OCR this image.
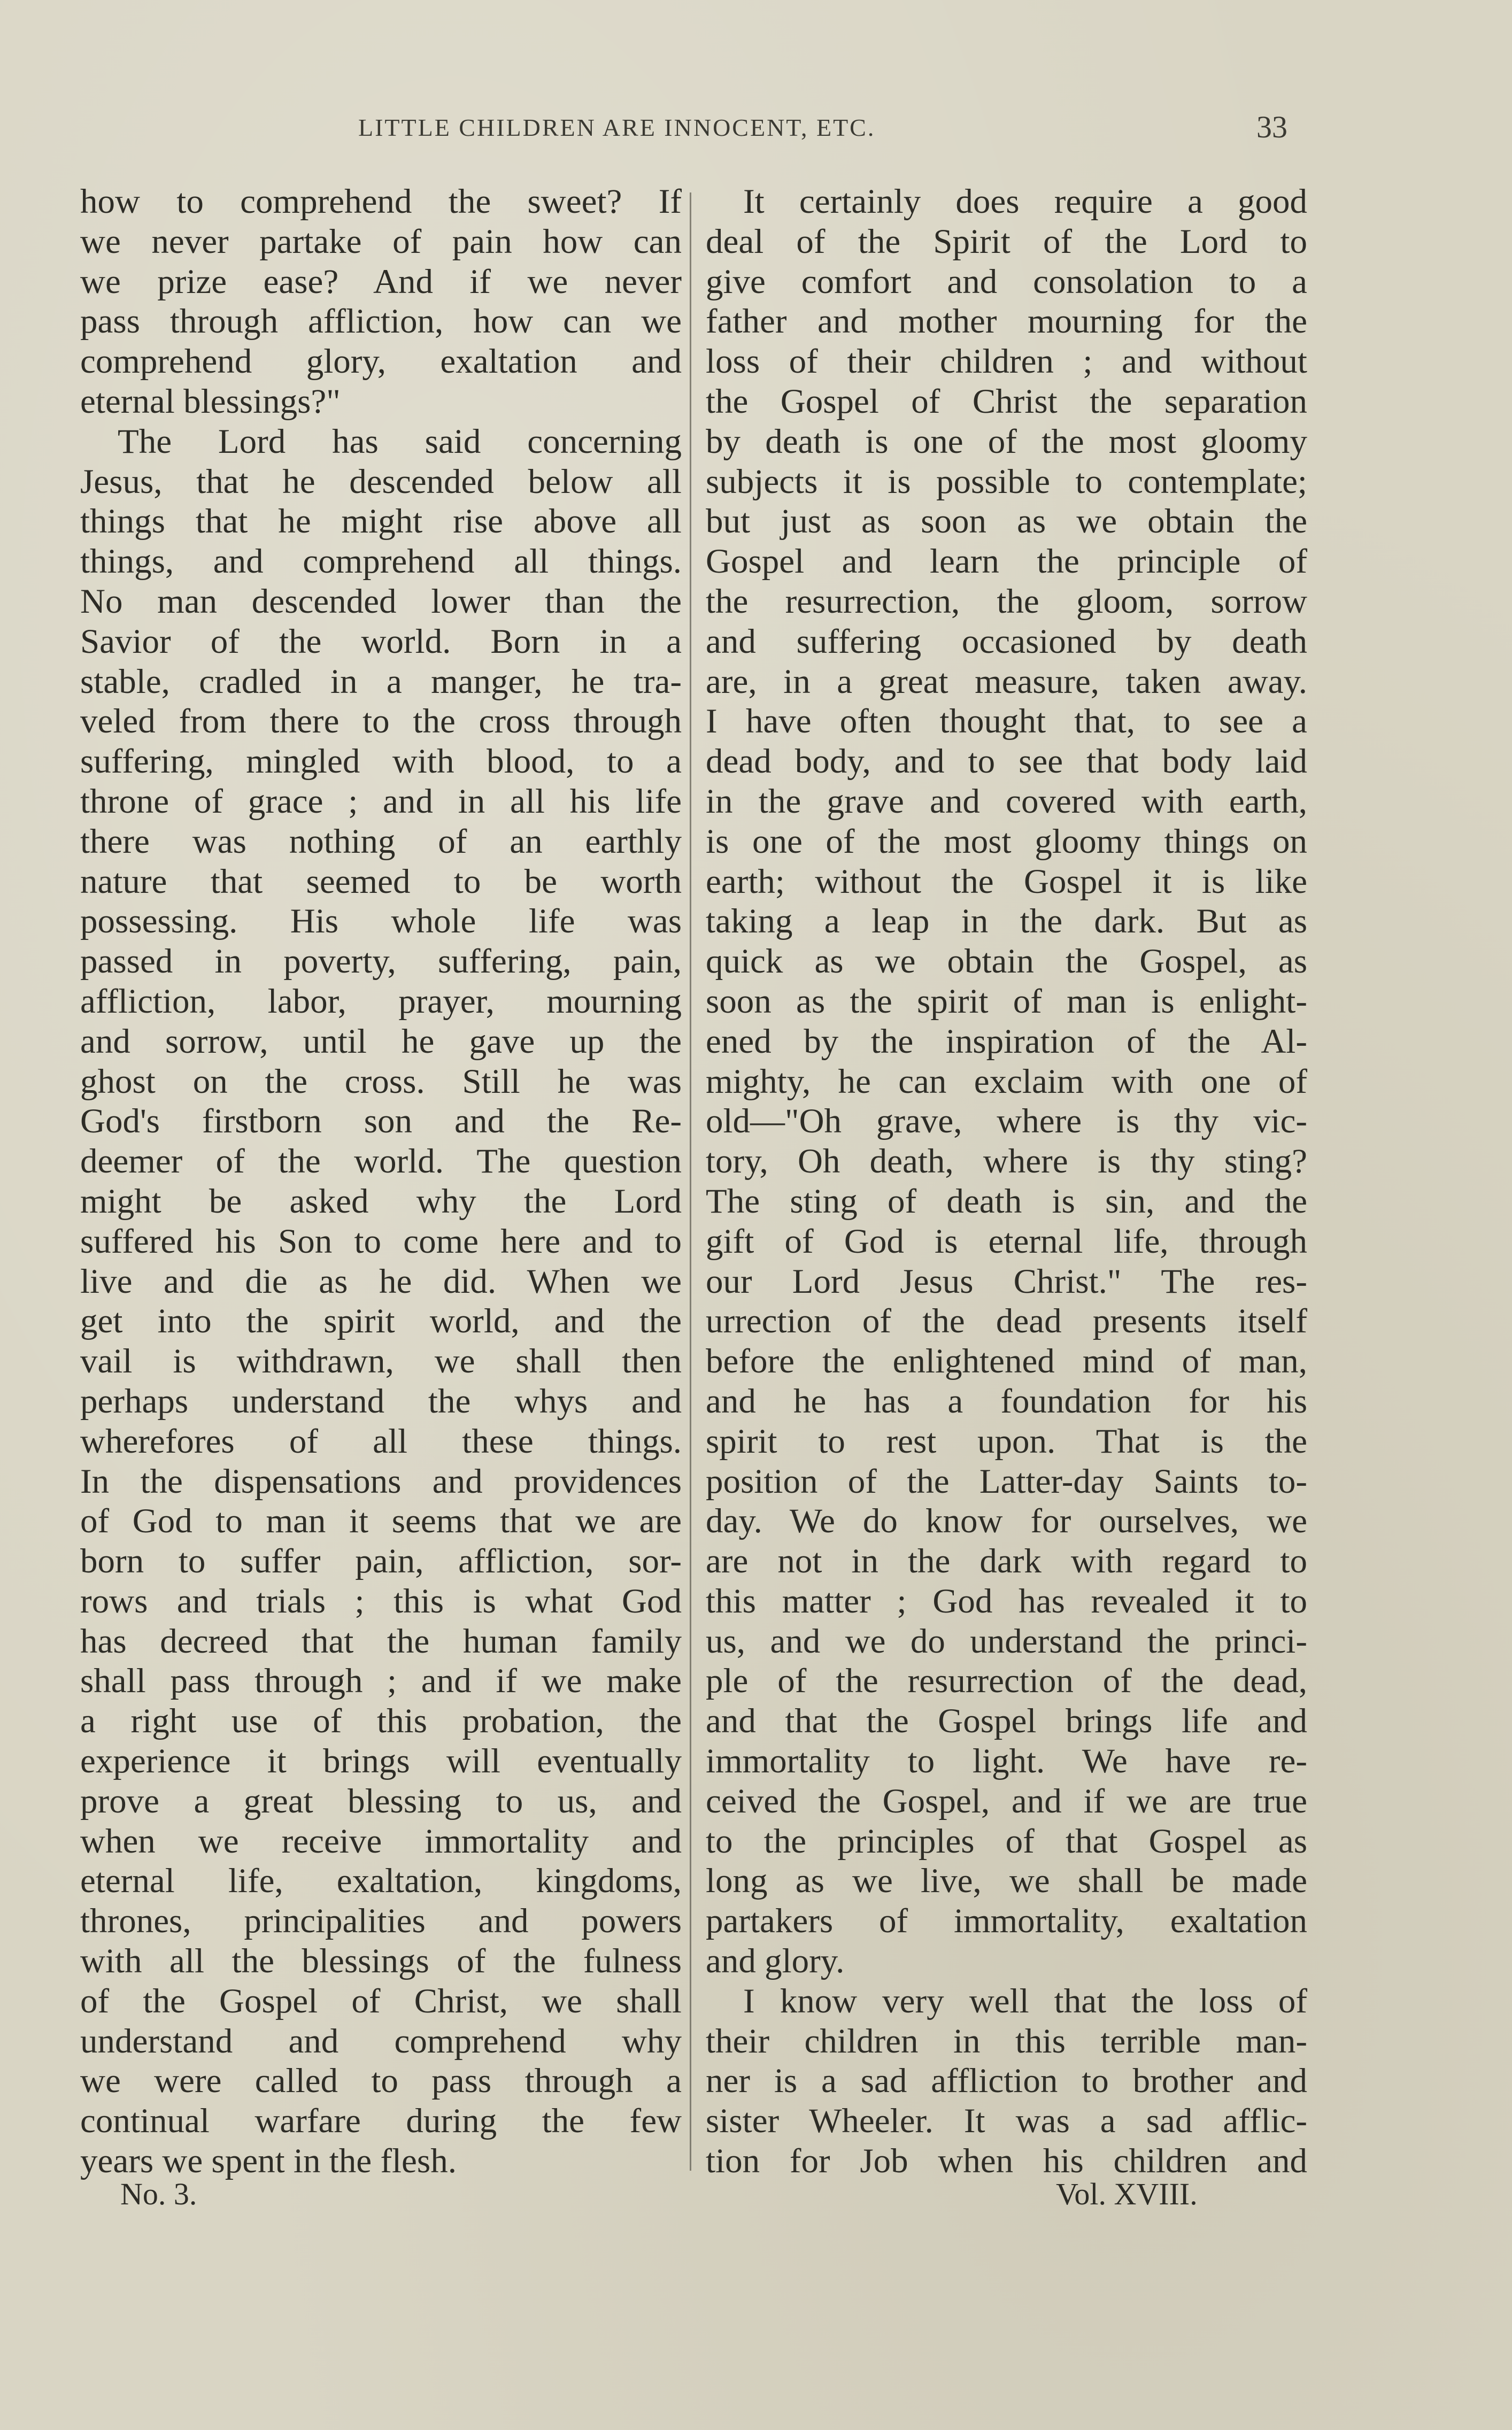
LITTLE CHILDREN ARE INNOCENT, ETC.	33
how to comprehend the sweet? If
we never partake of pain how can
we prize ease? And if we never
pass through affliction, how can we
comprehend glory, exaltation and
eternal blessings?"
The Lord has said concerning
Jesus, that he descended below all
things that he might rise above all
things, and comprehend all things.
No man descended lower than the
Savior of the world. Born in a
stable, cradled in a manger, he tra-
veled from there to the cross through
suffering, mingled with blood, to a
throne of grace ; and in all his life
there was nothing of an earthly
nature that seemed to be worth
possessing. His whole life was
passed in poverty, suffering, pain,
affliction, labor, prayer, mourning
and sorrow, until he gave up the
ghost on the cross. Still he was
God's firstborn son and the Re-
deemer of the world. The question
might be asked why the Lord
suffered his Son to come here and to
live and die as he did. When we
get into the spirit world, and the
vail is withdrawn, we shall then
perhaps understand the whys and
wherefores of all these things.
In the dispensations and providences
of God to man it seems that we are
born to suffer pain, affliction, sor-
rows and trials ; this is what God
has decreed that the human family
shall pass through ; and if we make
a right use of this probation, the
experience it brings will eventually
prove a great blessing to us, and
when we receive immortality and
eternal life, exaltation, kingdoms,
thrones, principalities and powers
with all the blessings of the fulness
of the Gospel of Christ, we shall
understand and comprehend why
we were called to pass through a
continual warfare during the few
years we spent in the flesh.
It certainly does require a good
deal of the Spirit of the Lord to
give comfort and consolation to a
father and mother mourning for the
loss of their children ; and without
the Gospel of Christ the separation
by death is one of the most gloomy
subjects it is possible to contemplate;
but just as soon as we obtain the
Gospel and learn the principle of
the resurrection, the gloom, sorrow
and suffering occasioned by death
are, in a great measure, taken away.
I have often thought that, to see a
dead body, and to see that body laid
in the grave and covered with earth,
is one of the most gloomy things on
earth; without the Gospel it is like
taking a leap in the dark. But as
quick as we obtain the Gospel, as
soon as the spirit of man is enlight-
ened by the inspiration of the Al-
mighty, he can exclaim with one of
old—"Oh grave, where is thy vic-
tory, Oh death, where is thy sting?
The sting of death is sin, and the
gift of God is eternal life, through
our Lord Jesus Christ." The res-
urrection of the dead presents itself
before the enlightened mind of man,
and he has a foundation for his
spirit to rest upon. That is the
position of the Latter-day Saints to-
day. We do know for ourselves, we
are not in the dark with regard to
this matter ; God has revealed it to
us, and we do understand the princi-
ple of the resurrection of the dead,
and that the Gospel brings life and
immortality to light. We have re-
ceived the Gospel, and if we are true
to the principles of that Gospel as
long as we live, we shall be made
partakers of immortality, exaltation
and glory.
I know very well that the loss of
their children in this terrible man-
ner is a sad affliction to brother and
sister Wheeler. It was a sad afflic-
tion for Job when his children and
No. 3.	Vol. XVIII.
